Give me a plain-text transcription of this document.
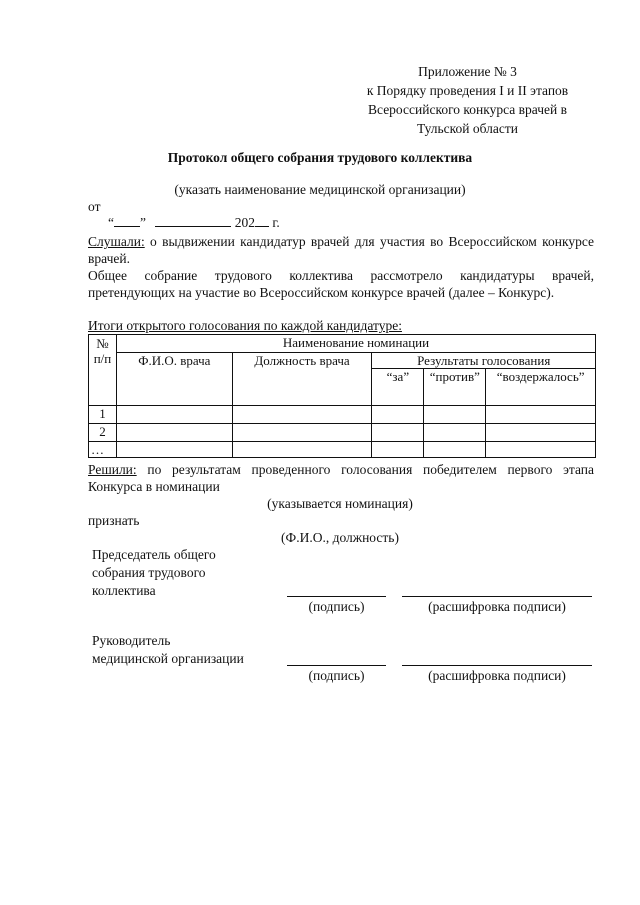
Приложение № 3
к Порядку проведения I и II этапов
Всероссийского конкурса врачей в
Тульской области
Протокол общего собрания трудового коллектива
(указать наименование медицинской организации)
от
“ ”	202 г.
Слушали: о выдвижении кандидатур врачей для участия во Всероссийском конкурсе врачей.
Общее собрание трудового коллектива рассмотрело кандидатуры врачей, претендующих на участие во Всероссийском конкурсе врачей (далее – Конкурс).
Итоги открытого голосования по каждой кандидатуре:
№ п/п	Наименование номинации				
	Ф.И.О. врача	Должность врача	Результаты голосования		
			“за”	“против”	“воздержалось”
1					
2					
…					
Решили: по результатам проведенного голосования победителем первого этапа Конкурса в номинации
(указывается номинация)
признать
(Ф.И.О., должность)
Председатель общего
собрания трудового
коллектива
(подпись)	(расшифровка подписи)
Руководитель
медицинской организации
(подпись)	(расшифровка подписи)
